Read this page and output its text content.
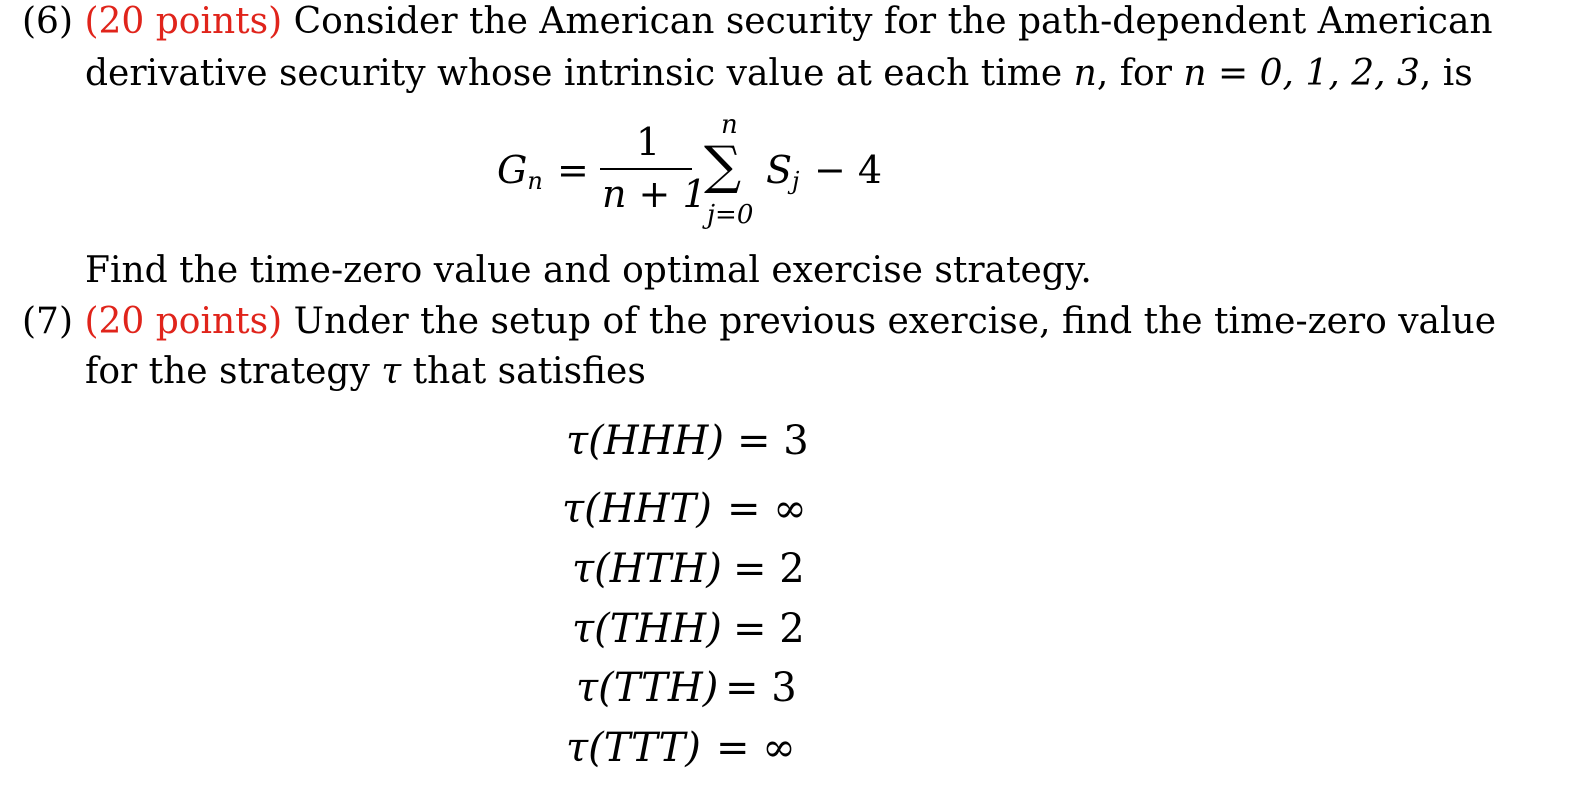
(6) (20 points) Consider the American security for the path-dependent American
derivative security whose intrinsic value at each time n, for n = 0, 1, 2, 3, is
Gn =
1
n + 1
n
∑
j=0
Sj − 4
Find the time-zero value and optimal exercise strategy.
(7) (20 points) Under the setup of the previous exercise, find the time-zero value
for the strategy τ that satisfies
τ(HHH) = 3
τ(HHT) = ∞
τ(HTH) = 2
τ(THH) = 2
τ(TTH) = 3
τ(TTT) = ∞
